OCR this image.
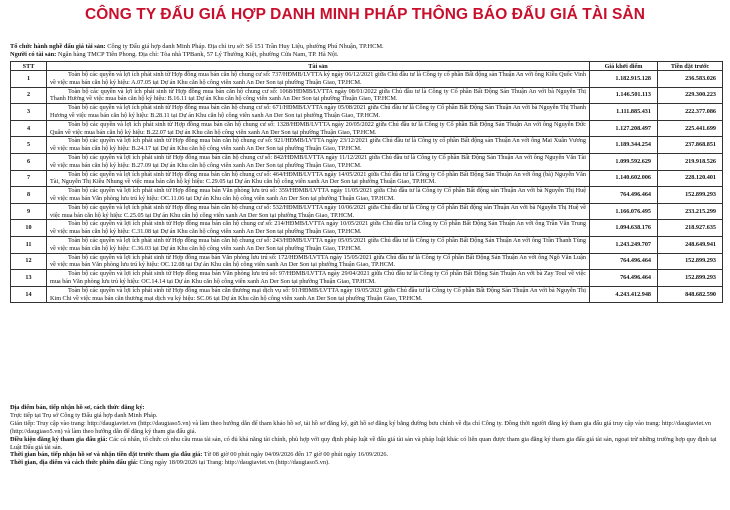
CÔNG TY ĐẤU GIÁ HỢP DANH MINH PHÁP THÔNG BÁO ĐẤU GIÁ TÀI SẢN
Tổ chức hành nghề đấu giá tài sản: Công ty Đấu giá hợp danh Minh Pháp. Địa chỉ trụ sở: Số 151 Trần Huy Liệu, phường Phú Nhuận, TP.HCM.
Người có tài sản: Ngân hàng TMCP Tiên Phong. Địa chỉ: Tòa nhà TPBank, 57 Lý Thường Kiệt, phường Cửa Nam, TP. Hà Nội.
STT	Tài sản	Giá khởi điểm	Tiền đặt trước
1	Toàn bộ các quyền và lợi ích phát sinh từ Hợp đồng mua bán căn hộ chung cư số: 737/HĐMB/LVTTA ký ngày 06/12/2021 giữa Chủ đầu tư là Công ty cổ phần Bất động sản Thuận An với ông Kiều Quốc Vinh về việc mua bán căn hộ ký hiệu: A.07.05 tại Dự án Khu căn hộ công viên xanh An Der Son tại phường Thuận Giao, TP.HCM.	1.182.915.128	236.583.026
2	Toàn bộ các quyền và lợi ích phát sinh từ Hợp đồng mua bán căn hộ chung cư số: 1068/HĐMB/LVTTA ngày 08/01/2022 giữa Chủ đầu tư là Công ty Cổ phần Bất Động Sản Thuận An với bà Nguyễn Thị Thanh Hương về việc mua bán căn hộ ký hiệu: B.16.11 tại Dự án Khu căn hộ công viên xanh An Der Son tại phường Thuận Giao, TP.HCM.	1.146.501.113	229.300.223
3	Toàn bộ các quyền và lợi ích phát sinh từ Hợp đồng mua bán căn hộ chung cư số: 671/HĐMB/LVTTA ngày 05/08/2021 giữa Chủ đầu tư là Công ty Cổ phần Bất Động Sản Thuận An với bà Nguyễn Thị Thanh Hương về việc mua bán căn hộ ký hiệu: B.28.11 tại Dự án Khu căn hộ công viên xanh An Der Son tại phường Thuận Giao, TP.HCM.	1.111.885.431	222.377.086
4	Toàn bộ các quyền và lợi ích phát sinh từ Hợp đồng mua bán căn hộ chung cư số: 1328/HĐMB/LVTTA ngày 20/05/2022 giữa Chủ đầu tư là Công ty Cổ phần Bất Động Sản Thuận An với ông Nguyễn Đức Quân về việc mua bán căn hộ ký hiệu: B.22.07 tại Dự án Khu căn hộ công viên xanh An Der Son tại phường Thuận Giao, TP.HCM.	1.127.208.497	225.441.699
5	Toàn bộ các quyền và lợi ích phát sinh từ Hợp đồng mua bán căn hộ chung cư số: 921/HĐMB/LVTTA ngày 23/12/2021 giữa Chủ đầu tư là Công ty cổ phần Bất động sản Thuận An với ông Mai Xuân Vương về việc mua bán căn hộ ký hiệu: B.24.17 tại Dự án Khu căn hộ công viên xanh An Der Son tại phường Thuận Giao, TP.HCM.	1.189.344.254	237.868.851
6	Toàn bộ các quyền và lợi ích phát sinh từ Hợp đồng mua bán căn hộ chung cư số: 842/HĐMB/LVTTA ngày 11/12/2021 giữa Chủ đầu tư là Công ty Cổ phần Bất Động Sản Thuận An với ông Nguyễn Văn Tài về việc mua bán căn hộ ký hiệu: B.27.09 tại Dự án Khu căn hộ công viên xanh An Der Son tại phường Thuận Giao, TP.HCM.	1.099.592.629	219.918.526
7	Toàn bộ các quyền và lợi ích phát sinh từ Hợp đồng mua bán căn hộ chung cư số: 464/HĐMB/LVTTA ngày 14/05/2021 giữa Chủ đầu tư là Công ty Cổ phần Bất Động Sản Thuận An với ông (bà) Nguyễn Văn Tài, Nguyễn Thị Kiều Nhung về việc mua bán căn hộ ký hiệu: C.29.05 tại Dự án Khu căn hộ công viên xanh An Der Son tại phường Thuận Giao, TP.HCM.	1.140.602.006	228.120.401
8	Toàn bộ các quyền và lợi ích phát sinh từ Hợp đồng mua bán Văn phòng lưu trú số: 359/HĐMB/LVTTA ngày 11/05/2021 giữa Chủ đầu tư là Công ty Cổ phần Bất động sản Thuận An với bà Nguyễn Thị Huệ về việc mua bán Văn phòng lưu trú ký hiệu: OC.11.06 tại Dự án Khu căn hộ công viên xanh An Der Son tại phường Thuận Giao, TP.HCM.	764.496.464	152.899.293
9	Toàn bộ các quyền và lợi ích phát sinh từ Hợp đồng mua bán căn hộ chung cư số: 532/HĐMB/LVTTA ngày 10/06/2021 giữa Chủ đầu tư là Công ty Cổ phần Bất động sản Thuận An với bà Nguyễn Thị Huệ về việc mua bán căn hộ ký hiệu: C.25.05 tại Dự án Khu căn hộ công viên xanh An Der Son tại phường Thuận Giao, TP.HCM.	1.166.076.495	233.215.299
10	Toàn bộ các quyền và lợi ích phát sinh từ Hợp đồng mua bán căn hộ chung cư số: 214/HĐMB/LVTTA ngày 10/05/2021 giữa Chủ đầu tư là Công ty Cổ phần Bất Động Sản Thuận An với ông Trần Văn Trung về việc mua bán căn hộ ký hiệu: C.31.08 tại Dự án Khu căn hộ công viên xanh An Der Son tại phường Thuận Giao, TP.HCM.	1.094.638.176	218.927.635
11	Toàn bộ các quyền và lợi ích phát sinh từ Hợp đồng mua bán căn hộ chung cư số: 243/HĐMB/LVTTA ngày 05/05/2021 giữa Chủ đầu tư là Công ty Cổ phần Bất Động Sản Thuận An với ông Trần Thanh Tùng về việc mua bán căn hộ ký hiệu: C.36.03 tại Dự án Khu căn hộ công viên xanh An Der Son tại phường Thuận Giao, TP.HCM.	1.243.249.707	248.649.941
12	Toàn bộ các quyền và lợi ích phát sinh từ Hợp đồng mua bán Văn phòng lưu trú số: 172/HĐMB/LVTTA ngày 15/05/2021 giữa Chủ đầu tư là Công ty Cổ phần Bất Động Sản Thuận An với ông Ngô Văn Luận về việc mua bán Văn phòng lưu trú ký hiệu: OC.12.08 tại Dự án Khu căn hộ công viên xanh An Der Son tại phường Thuận Giao, TP.HCM.	764.496.464	152.899.293
13	Toàn bộ các quyền và lợi ích phát sinh từ Hợp đồng mua bán Văn phòng lưu trú số: 97/HĐMB/LVTTA ngày 29/04/2021 giữa Chủ đầu tư là Công ty Cổ phần Bất Động Sản Thuận An với bà Zay Toul về việc mua bán Văn phòng lưu trú ký hiệu: OC.14.14 tại Dự án Khu căn hộ công viên xanh An Der Son tại phường Thuận Giao, TP.HCM.	764.496.464	152.899.293
14	Toàn bộ các quyền và lợi ích phát sinh từ Hợp đồng mua bán căn thương mại dịch vụ số: 91/HĐMB/LVTTA ngày 19/05/2021 giữa Chủ đầu tư là Công ty Cổ phần Bất Động Sản Thuận An với bà Nguyễn Thị Kim Chi về việc mua bán căn thương mại dịch vụ ký hiệu: SC.06 tại Dự án Khu căn hộ công viên xanh An Der Son tại phường Thuận Giao, TP.HCM.	4.243.412.948	848.682.590

Địa điểm bán, tiếp nhận hồ sơ, cách thức đăng ký:

Trực tiếp tại Trụ sở Công ty Đấu giá hợp danh Minh Pháp.

Gián tiếp: Truy cập vào trang: http://daugiaviet.vn (http://daugiaso5.vn) và làm theo hướng dẫn để tham khảo hồ sơ, tải hồ sơ đăng ký, gửi hồ sơ đăng ký bằng đường bưu chính về địa chỉ Công ty. Đồng thời người đăng ký tham gia đấu giá truy cập vào trang: http://daugiaviet.vn (http://daugiaso5.vn) và làm theo hướng dẫn để đăng ký tham gia đấu giá.

Điều kiện đăng ký tham gia đấu giá: Các cá nhân, tổ chức có nhu cầu mua tài sản, có đủ khả năng tài chính, phù hợp với quy định pháp luật về đấu giá tài sản và pháp luật khác có liên quan được tham gia đăng ký tham gia đấu giá tài sản, ngoại trừ những trường hợp quy định tại Luật Đấu giá tài sản.

Thời gian bán, tiếp nhận hồ sơ và nhận tiền đặt trước tham gia đấu giá: Từ 08 giờ 00 phút ngày 04/09/2026 đến 17 giờ 00 phút ngày 16/09/2026.

Thời gian, địa điểm và cách thức phiên đấu giá: Cùng ngày 18/09/2026 tại Trang: http://daugiaviet.vn (http://daugiaso5.vn).
